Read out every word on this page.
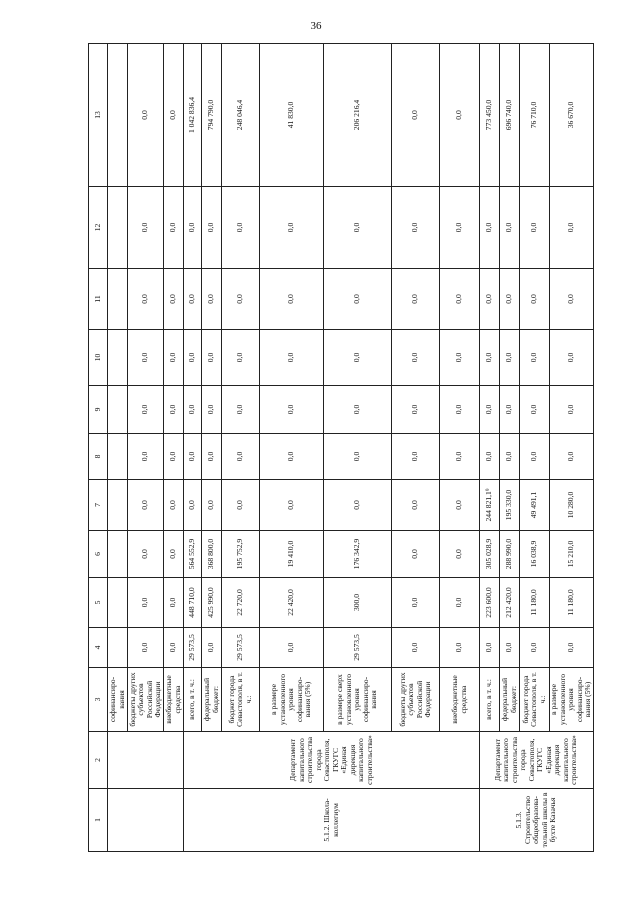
36
1	2	3	4	5	6	7	8	9	10	11	12	13
		софинансиро-вания										
		бюджеты других субъектов Российской Федерации	0,0	0,0	0,0	0,0	0,0	0,0	0,0	0,0	0,0	0,0
		внебюджетные средства	0,0	0,0	0,0	0,0	0,0	0,0	0,0	0,0	0,0	0,0
5.1.2. Школа-коллегиум	Департамент капитального строительства города Севастополя, ГКУГС «Единая дирекция капитального строительства»	всего, в т. ч.:	29 573,5	448 710,0	564 552,9	0,0	0,0	0,0	0,0	0,0	0,0	1 042 836,4
		федеральный бюджет:	0,0	425 990,0	368 800,0	0,0	0,0	0,0	0,0	0,0	0,0	794 790,0
		бюджет города Севастополя, в т. ч.:	29 573,5	22 720,0	195 752,9	0,0	0,0	0,0	0,0	0,0	0,0	248 046,4
		в размере установленного уровня софинансиро-вания (5%)	0,0	22 420,0	19 410,0	0,0	0,0	0,0	0,0	0,0	0,0	41 830,0
		в размере сверх установленного уровня софинансиро-вания	29 573,5	300,0	176 342,9	0,0	0,0	0,0	0,0	0,0	0,0	206 216,4
		бюджеты других субъектов Российской Федерации	0,0	0,0	0,0	0,0	0,0	0,0	0,0	0,0	0,0	0,0
		внебюджетные средства	0,0	0,0	0,0	0,0	0,0	0,0	0,0	0,0	0,0	0,0
5.1.3. Строительство общеобразова-тельной школы в бухте Казачья	Департамент капитального строительства города Севастополя, ГКУГС «Единая дирекция капитального строительства»	всего, в т. ч.:	0,0	223 600,0	305 028,9	244 821,1⁹	0,0	0,0	0,0	0,0	0,0	773 450,0
		федеральный бюджет:	0,0	212 420,0	288 990,0	195 330,0	0,0	0,0	0,0	0,0	0,0	696 740,0
		бюджет города Севастополя, в т. ч.:	0,0	11 180,0	16 038,9	49 491,1	0,0	0,0	0,0	0,0	0,0	76 710,0
		в размере установленного уровня софинансиро-вания (5%)	0,0	11 180,0	15 210,0	10 280,0	0,0	0,0	0,0	0,0	0,0	36 670,0
